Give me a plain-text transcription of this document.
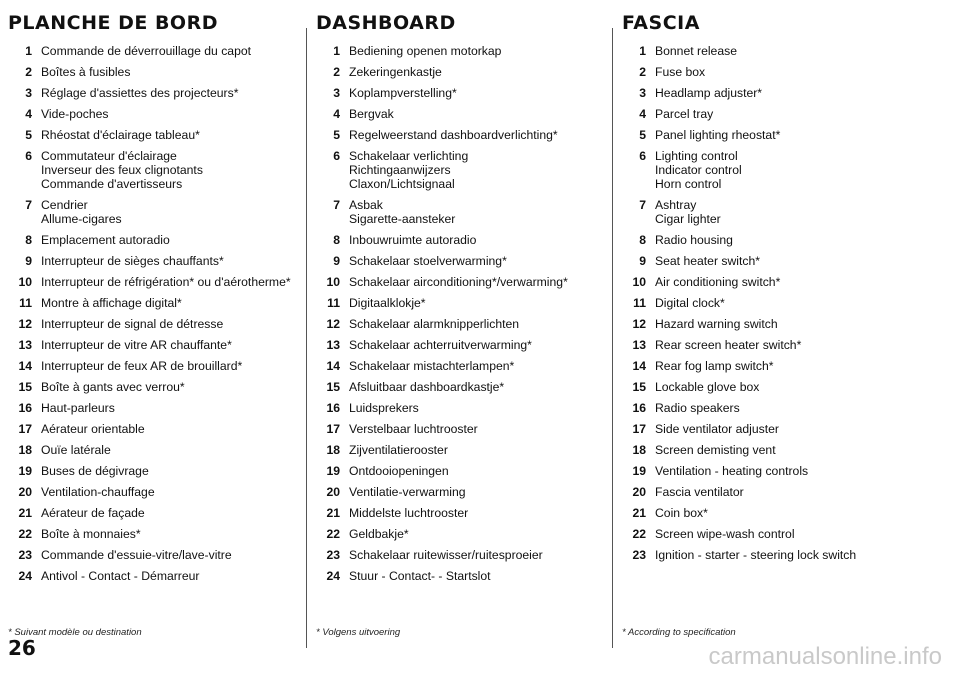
PLANCHE DE BORD
1 Commande de déverrouillage du capot
2 Boîtes à fusibles
3 Réglage d'assiettes des projecteurs*
4 Vide-poches
5 Rhéostat d'éclairage tableau*
6 Commutateur d'éclairage
Inverseur des feux clignotants
Commande d'avertisseurs
7 Cendrier
Allume-cigares
8 Emplacement autoradio
9 Interrupteur de sièges chauffants*
10 Interrupteur de réfrigération* ou d'aérotherme*
11 Montre à affichage digital*
12 Interrupteur de signal de détresse
13 Interrupteur de vitre AR chauffante*
14 Interrupteur de feux AR de brouillard*
15 Boîte à gants avec verrou*
16 Haut-parleurs
17 Aérateur orientable
18 Ouïe latérale
19 Buses de dégivrage
20 Ventilation-chauffage
21 Aérateur de façade
22 Boîte à monnaies*
23 Commande d'essuie-vitre/lave-vitre
24 Antivol - Contact - Démarreur
DASHBOARD
1 Bediening openen motorkap
2 Zekeringenkastje
3 Koplampverstelling*
4 Bergvak
5 Regelweerstand dashboardverlichting*
6 Schakelaar verlichting
Richtingaanwijzers
Claxon/Lichtsignaal
7 Asbak
Sigarette-aansteker
8 Inbouwruimte autoradio
9 Schakelaar stoelverwarming*
10 Schakelaar airconditioning*/verwarming*
11 Digitaalklokje*
12 Schakelaar alarmknipperlichten
13 Schakelaar achterruitverwarming*
14 Schakelaar mistachterlampen*
15 Afsluitbaar dashboardkastje*
16 Luidsprekers
17 Verstelbaar luchtrooster
18 Zijventilatierooster
19 Ontdooiopeningen
20 Ventilatie-verwarming
21 Middelste luchtrooster
22 Geldbakje*
23 Schakelaar ruitewisser/ruitesproeier
24 Stuur - Contact- - Startslot
FASCIA
1 Bonnet release
2 Fuse box
3 Headlamp adjuster*
4 Parcel tray
5 Panel lighting rheostat*
6 Lighting control
Indicator control
Horn control
7 Ashtray
Cigar lighter
8 Radio housing
9 Seat heater switch*
10 Air conditioning switch*
11 Digital clock*
12 Hazard warning switch
13 Rear screen heater switch*
14 Rear fog lamp switch*
15 Lockable glove box
16 Radio speakers
17 Side ventilator adjuster
18 Screen demisting vent
19 Ventilation - heating controls
20 Fascia ventilator
21 Coin box*
22 Screen wipe-wash control
23 Ignition - starter - steering lock switch
* Suivant modèle ou destination	* Volgens uitvoering	* According to specification
26	carmanualsonline.info
